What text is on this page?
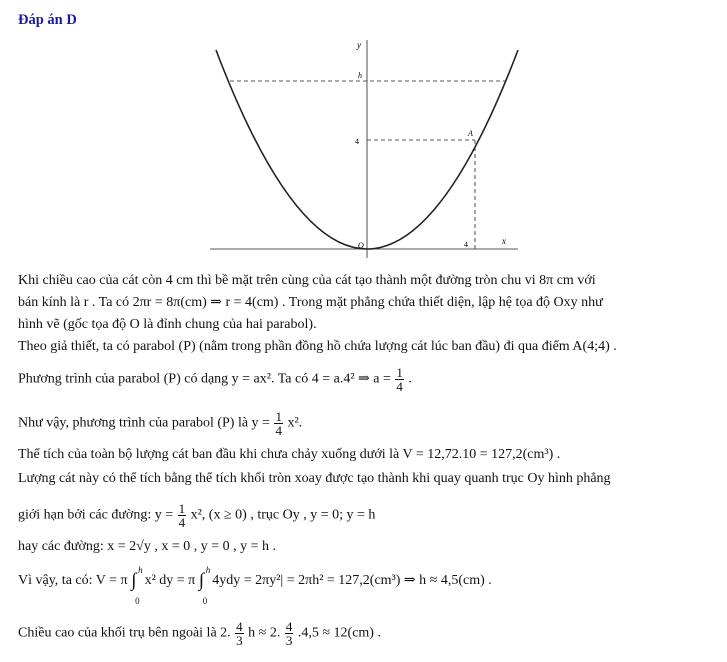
Đáp án D
y
x
h
4
A
O	4
Khi chiều cao của cát còn 4 cm thì bề mặt trên cùng của cát tạo thành một đường tròn chu vi 8π cm với
bán kính là r . Ta có 2πr = 8π(cm) ⇒ r = 4(cm) . Trong mặt phẳng chứa thiết diện, lập hệ tọa độ Oxy như
hình vẽ (gốc tọa độ O là đỉnh chung của hai parabol).
Theo giả thiết, ta có parabol (P) (nằm trong phần đồng hồ chứa lượng cát lúc ban đầu) đi qua điểm A(4;4) .
Phương trình của parabol (P) có dạng y = ax². Ta có 4 = a.4² ⇒ $a = \frac{1}{4}$ .
Như vậy, phương trình của parabol (P) là $y = \frac{1}{4} x^2$.
Thể tích của toàn bộ lượng cát ban đầu khi chưa chảy xuống dưới là V = 12,72.10 = 127,2(cm³) .
Lượng cát này có thể tích bằng thể tích khối tròn xoay được tạo thành khi quay quanh trục Oy hình phẳng
giới hạn bởi các đường: $y = \frac{1}{4} x^2$, (x ≥ 0) , trục Oy , y = 0; y = h
hay các đường: x = 2√y , x = 0 , y = 0 , y = h .
Vì vậy, ta có: V = π ∫ h
0
x² dy = π ∫ h
0
4ydy = 2πy²| = 2πh² = 127,2(cm³) ⇒ h ≈ 4,5(cm) .
Chiều cao của khối trụ bên ngoài là 2. $\frac{4}{3}$ h ≈ 2. $\frac{4}{3} .4,5 \approx 12(cm)$ .
